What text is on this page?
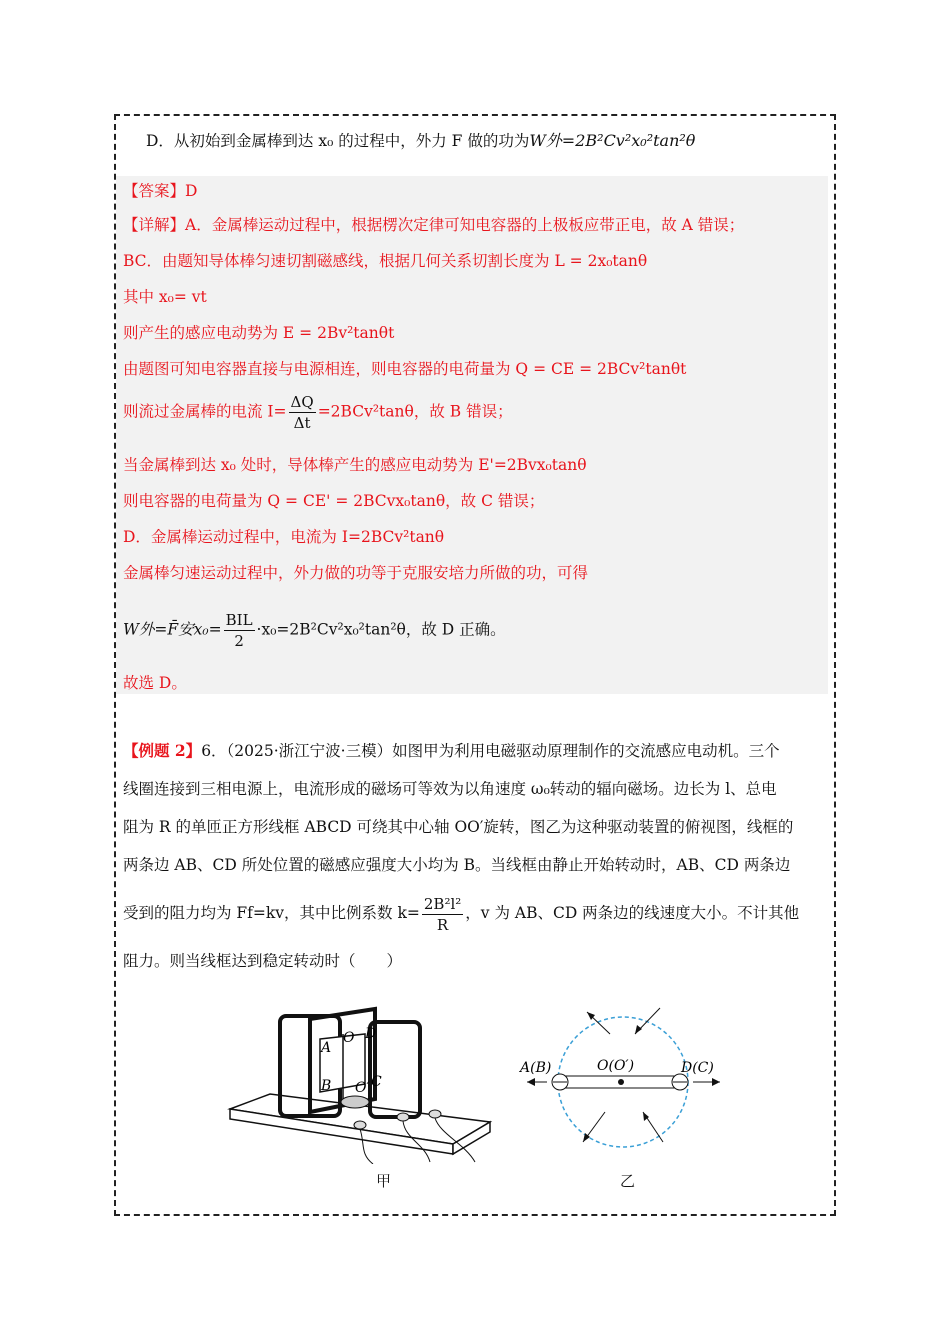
D．从初始到金属棒到达 x₀ 的过程中，外力 F 做的功为W外=2B²Cv²x₀²tan²θ
【答案】D
【详解】A．金属棒运动过程中，根据楞次定律可知电容器的上极板应带正电，故 A 错误；
BC．由题知导体棒匀速切割磁感线，根据几何关系切割长度为 L = 2x₀tanθ
其中 x₀= vt
则产生的感应电动势为 E = 2Bv²tanθt
由题图可知电容器直接与电源相连，则电容器的电荷量为 Q = CE = 2BCv²tanθt
则流过金属棒的电流 $I= \frac{\Delta Q}{\Delta t} =2BCv^2\tan\theta$，故 B 错误；
当金属棒到达 x₀ 处时，导体棒产生的感应电动势为 E'=2Bvx₀tanθ
则电容器的电荷量为 Q = CE' = 2BCvx₀tanθ，故 C 错误；
D．金属棒运动过程中，电流为 I=2BCv²tanθ
金属棒匀速运动过程中，外力做的功等于克服安培力所做的功，可得
W外=F̄安$x_0= \frac{\text{BIL}}{2} \cdot x_0=2B^2Cv^2x_0^2\tan^2\theta$，故 D 正确。
故选 D。
【例题 2】6．（2025·浙江宁波·三模）如图甲为利用电磁驱动原理制作的交流感应电动机。三个
线圈连接到三相电源上，电流形成的磁场可等效为以角速度 ω₀转动的辐向磁场。边长为 l、总电
阻为 R 的单匝正方形线框 ABCD 可绕其中心轴 OO′旋转，图乙为这种驱动装置的俯视图，线框的
两条边 AB、CD 所处位置的磁感应强度大小均为 B。当线框由静止开始转动时，AB、CD 两条边
受到的阻力均为 Ff=kv，其中比例系数 $k= \frac{\text{2B²l²}}{R}$ ，v 为 AB、CD 两条边的线速度大小。不计其他
阻力。则当线框达到稳定转动时（　　）
A
O D
B O′ C
甲
A(B)	O(O′)	D(C)
乙
